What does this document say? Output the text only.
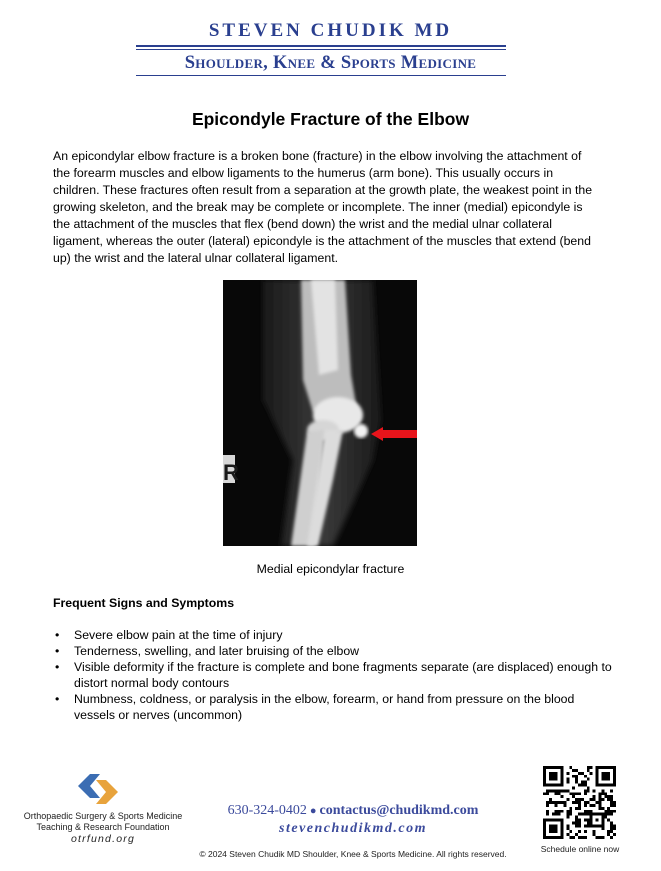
STEVEN CHUDIK MD
Shoulder, Knee & Sports Medicine
Epicondyle Fracture of the Elbow

An epicondylar elbow fracture is a broken bone (fracture) in the elbow involving the attachment of the forearm muscles and elbow ligaments to the humerus (arm bone). This usually occurs in children. These fractures often result from a separation at the growth plate, the weakest point in the growing skeleton, and the break may be complete or incomplete. The inner (medial) epicondyle is the attachment of the muscles that flex (bend down) the wrist and the medial ulnar collateral ligament, whereas the outer (lateral) epicondyle is the attachment of the muscles that extend (bend up) the wrist and the lateral ulnar collateral ligament.

R
Medial epicondylar fracture
Frequent Signs and Symptoms
• Severe elbow pain at the time of injury
• Tenderness, swelling, and later bruising of the elbow
• Visible deformity if the fracture is complete and bone fragments separate (are displaced) enough to distort normal body contours
• Numbness, coldness, or paralysis in the elbow, forearm, or hand from pressure on the blood vessels or nerves (uncommon)
Orthopaedic Surgery & Sports Medicine
Teaching & Research Foundation
otrfund.org
630-324-0402 ● contactus@chudikmd.com
stevenchudikmd.com
© 2024 Steven Chudik MD Shoulder, Knee & Sports Medicine. All rights reserved.	Schedule online now
